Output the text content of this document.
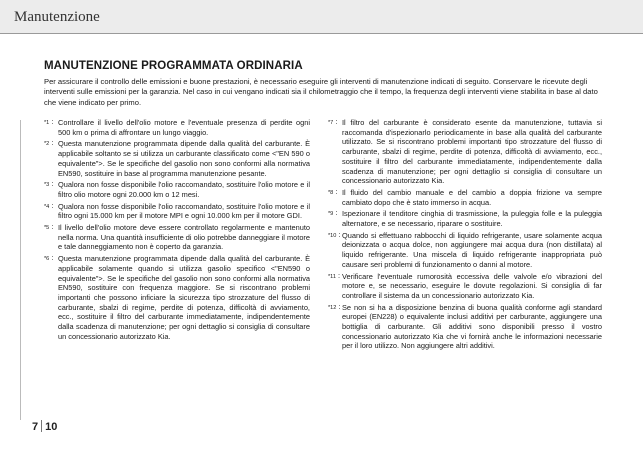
Manutenzione
MANUTENZIONE PROGRAMMATA ORDINARIA
Per assicurare il controllo delle emissioni e buone prestazioni, è necessario eseguire gli interventi di manutenzione indicati di seguito. Conservare le ricevute degli interventi sulle emissioni per la garanzia. Nel caso in cui vengano indicati sia il chilometraggio che il tempo, la frequenza degli interventi viene stabilita in base al dato che viene indicato per primo.
*1 : Controllare il livello dell'olio motore e l'eventuale presenza di perdite ogni 500 km o prima di affrontare un lungo viaggio.
*2 : Questa manutenzione programmata dipende dalla qualità del carburante. È applicabile soltanto se si utilizza un carburante classificato come <"EN 590 o equivalente">. Se le specifiche del gasolio non sono conformi alla normativa EN590, sostituire in base al programma manutenzione pesante.
*3 : Qualora non fosse disponibile l'olio raccomandato, sostituire l'olio motore e il filtro olio motore ogni 20.000 km o 12 mesi.
*4 : Qualora non fosse disponibile l'olio raccomandato, sostituire l'olio motore e il filtro ogni 15.000 km per il motore MPI e ogni 10.000 km per il motore GDI.
*5 : Il livello dell'olio motore deve essere controllato regolarmente e mantenuto nella norma. Una quantità insufficiente di olio potrebbe danneggiare il motore e tale danneggiamento non è coperto da garanzia.
*6 : Questa manutenzione programmata dipende dalla qualità del carburante. È applicabile solamente quando si utilizza gasolio specifico <"EN590 o equivalente">. Se le specifiche del gasolio non sono conformi alla normativa EN590, sostituire con frequenza maggiore. Se si riscontrano problemi importanti che possono inficiare la sicurezza tipo strozzature del flusso di carburante, sbalzi di regime, perdite di potenza, difficoltà di avviamento, ecc., sostituire il filtro del carburante immediatamente, indipendentemente dalla scadenza di manutenzione; per ogni dettaglio si consiglia di consultare un concessionario autorizzato Kia.
*7 : Il filtro del carburante è considerato esente da manutenzione, tuttavia si raccomanda d'ispezionarlo periodicamente in base alla qualità del carburante utilizzato. Se si riscontrano problemi importanti tipo strozzature del flusso di carburante, sbalzi di regime, perdite di potenza, difficoltà di avviamento, ecc., sostituire il filtro del carburante immediatamente, indipendentemente dalla scadenza di manutenzione; per ogni dettaglio si consiglia di consultare un concessionario autorizzato Kia.
*8 : Il fluido del cambio manuale e del cambio a doppia frizione va sempre cambiato dopo che è stato immerso in acqua.
*9 : Ispezionare il tenditore cinghia di trasmissione, la puleggia folle e la puleggia alternatore, e se necessario, riparare o sostituire.
*10 : Quando si effettuano rabbocchi di liquido refrigerante, usare solamente acqua deionizzata o acqua dolce, non aggiungere mai acqua dura (non distillata) al liquido refrigerante. Una miscela di liquido refrigerante inappropriata può causare seri problemi di funzionamento o danni al motore.
*11 : Verificare l'eventuale rumorosità eccessiva delle valvole e/o vibrazioni del motore e, se necessario, eseguire le dovute regolazioni. Si consiglia di far controllare il sistema da un concessionario autorizzato Kia.
*12 : Se non si ha a disposizione benzina di buona qualità conforme agli standard europei (EN228) o equivalente inclusi additivi per carburante, aggiungere una bottiglia di carburante. Gli additivi sono disponibili presso il vostro concessionario autorizzato Kia che vi fornirà anche le informazioni necessarie per il loro utilizzo. Non aggiungere altri additivi.
7 10
